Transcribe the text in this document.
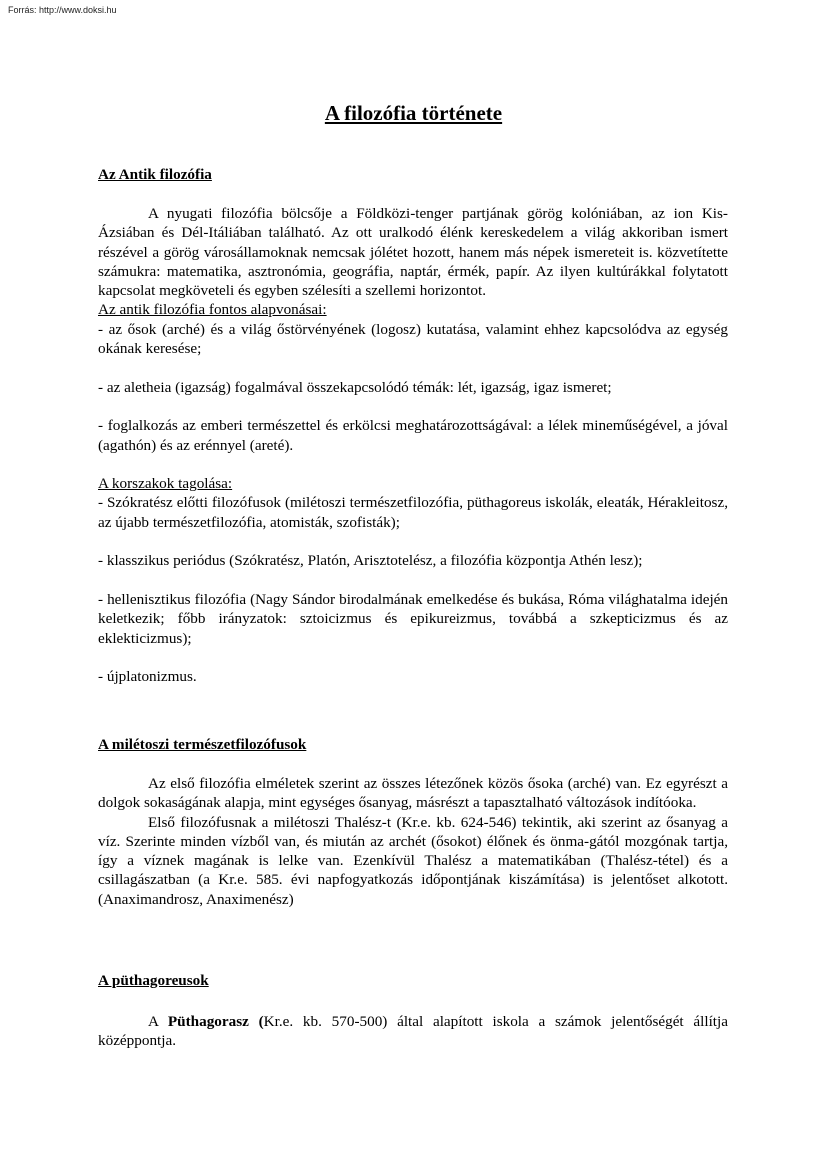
Forrás: http://www.doksi.hu
A filozófia története
Az Antik filozófia

A nyugati filozófia bölcsője a Földközi-tenger partjának görög kolóniában, az ion Kis-Ázsiában és Dél-Itáliában található. Az ott uralkodó élénk kereskedelem a világ akkoriban ismert részével a görög városállamoknak nemcsak jólétet hozott, hanem más népek ismereteit is. közvetítette számukra: matematika, asztronómia, geográfia, naptár, érmék, papír. Az ilyen kultúrákkal folytatott kapcsolat megköveteli és egyben szélesíti a szellemi horizontot.

Az antik filozófia fontos alapvonásai:

- az ősok (arché) és a világ őstörvényének (logosz) kutatása, valamint ehhez kapcsolódva az egység okának keresése;

- az aletheia (igazság) fogalmával összekapcsolódó témák: lét, igazság, igaz ismeret;

- foglalkozás az emberi természettel és erkölcsi meghatározottságával: a lélek mineműségével, a jóval (agathón) és az erénnyel (areté).

A korszakok tagolása:

- Szókratész előtti filozófusok (milétoszi természetfilozófia, püthagoreus iskolák, eleaták, Hérakleitosz, az újabb természetfilozófia, atomisták, szofisták);

- klasszikus periódus (Szókratész, Platón, Arisztotelész, a filozófia központja Athén lesz);

- hellenisztikus filozófia (Nagy Sándor birodalmának emelkedése és bukása, Róma világhatalma idején keletkezik; főbb irányzatok: sztoicizmus és epikureizmus, továbbá a szkepticizmus és az eklekticizmus);

- újplatonizmus.

A milétoszi természetfilozófusok

Az első filozófia elméletek szerint az összes létezőnek közös ősoka (arché) van. Ez egyrészt a dolgok sokaságának alapja, mint egységes ősanyag, másrészt a tapasztalható változások indítóoka.

Első filozófusnak a milétoszi Thalész-t (Kr.e. kb. 624-546) tekintik, aki szerint az ősanyag a víz. Szerinte minden vízből van, és miután az archét (ősokot) élőnek és önma-gától mozgónak tartja, így a víznek magának is lelke van. Ezenkívül Thalész a matematikában (Thalész-tétel) és a csillagászatban (a Kr.e. 585. évi napfogyatkozás időpontjának kiszámítása) is jelentőset alkotott. (Anaximandrosz, Anaximenész)

A püthagoreusok

A Püthagorasz (Kr.e. kb. 570-500) által alapított iskola a számok jelentőségét állítja középpontja.
